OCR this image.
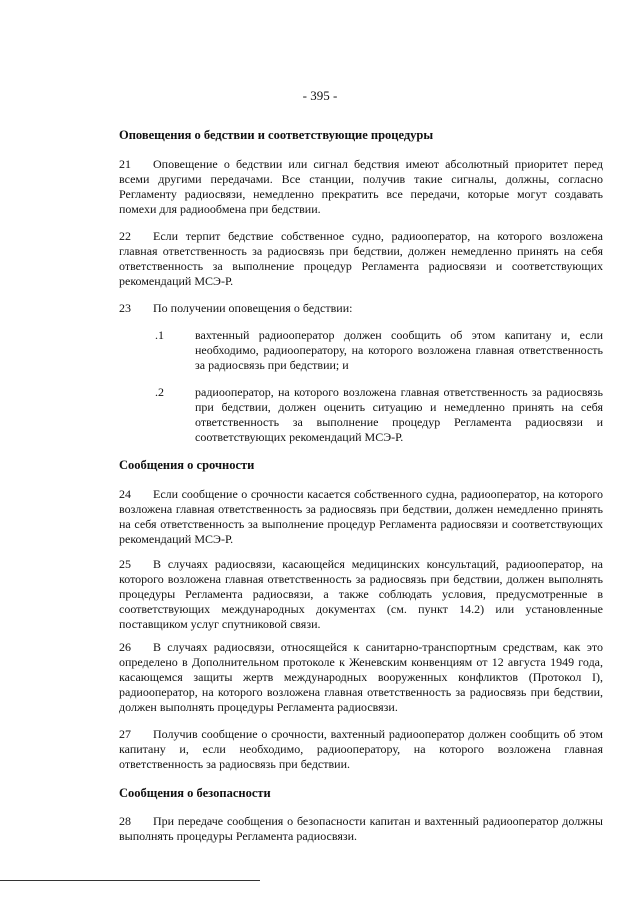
- 395 -
Оповещения о бедствии и соответствующие процедуры
21 Оповещение о бедствии или сигнал бедствия имеют абсолютный приоритет перед всеми другими передачами. Все станции, получив такие сигналы, должны, согласно Регламенту радиосвязи, немедленно прекратить все передачи, которые могут создавать помехи для радиообмена при бедствии.
22 Если терпит бедствие собственное судно, радиооператор, на которого возложена главная ответственность за радиосвязь при бедствии, должен немедленно принять на себя ответственность за выполнение процедур Регламента радиосвязи и соответствующих рекомендаций МСЭ-Р.
23 По получении оповещения о бедствии:
.1	вахтенный радиооператор должен сообщить об этом капитану и, если необходимо, радиооператору, на которого возложена главная ответственность за радиосвязь при бедствии; и
.2	радиооператор, на которого возложена главная ответственность за радиосвязь при бедствии, должен оценить ситуацию и немедленно принять на себя ответственность за выполнение процедур Регламента радиосвязи и соответствующих рекомендаций МСЭ-Р.
Сообщения о срочности
24 Если сообщение о срочности касается собственного судна, радиооператор, на которого возложена главная ответственность за радиосвязь при бедствии, должен немедленно принять на себя ответственность за выполнение процедур Регламента радиосвязи и соответствующих рекомендаций МСЭ-Р.
25 В случаях радиосвязи, касающейся медицинских консультаций, радиооператор, на которого возложена главная ответственность за радиосвязь при бедствии, должен выполнять процедуры Регламента радиосвязи, а также соблюдать условия, предусмотренные в соответствующих международных документах (см. пункт 14.2) или установленные поставщиком услуг спутниковой связи.
26 В случаях радиосвязи, относящейся к санитарно-транспортным средствам, как это определено в Дополнительном протоколе к Женевским конвенциям от 12 августа 1949 года, касающемся защиты жертв международных вооруженных конфликтов (Протокол I), радиооператор, на которого возложена главная ответственность за радиосвязь при бедствии, должен выполнять процедуры Регламента радиосвязи.
27 Получив сообщение о срочности, вахтенный радиооператор должен сообщить об этом капитану и, если необходимо, радиооператору, на которого возложена главная ответственность за радиосвязь при бедствии.
Сообщения о безопасности
28 При передаче сообщения о безопасности капитан и вахтенный радиооператор должны выполнять процедуры Регламента радиосвязи.
